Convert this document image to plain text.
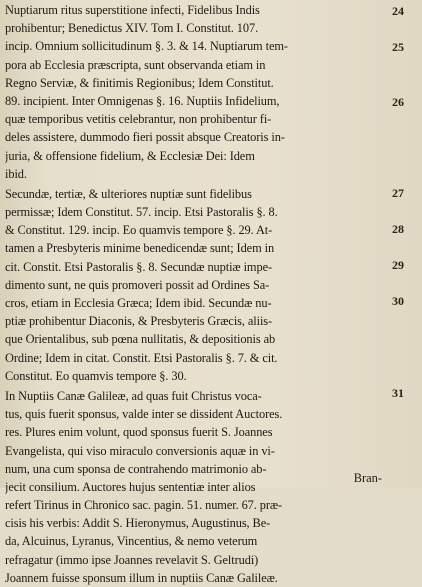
Nuptiarum ritus superstitione infecti, Fidelibus Indis
prohibentur; Benedictus XIV. Tom I. Constitut. 107.
incip. Omnium sollicitudinum §. 3. & 14. Nuptiarum tem-
pora ab Ecclesia præscripta, sunt observanda etiam in
Regno Serviæ, & finitimis Regionibus; Idem Constitut.
89. incipient. Inter Omnigenas §. 16. Nuptiis Infidelium,
quæ temporibus vetitis celebrantur, non prohibentur fi-
deles assistere, dummodo fieri possit absque Creatoris in-
juria, & offensione fidelium, & Ecclesiæ Dei: Idem
ibid.
Secundæ, tertiæ, & ulteriores nuptiæ sunt fidelibus
permissæ; Idem Constitut. 57. incip. Etsi Pastoralis §. 8.
& Constitut. 129. incip. Eo quamvis tempore §. 29. At-
tamen a Presbyteris minime benedicendæ sunt; Idem in
cit. Constit. Etsi Pastoralis §. 8. Secundæ nuptiæ impe-
dimento sunt, ne quis promoveri possit ad Ordines Sa-
cros, etiam in Ecclesia Græca; Idem ibid. Secundæ nu-
ptiæ prohibentur Diaconis, & Presbyteris Græcis, aliis-
que Orientalibus, sub pœna nullitatis, & depositionis ab
Ordine; Idem in citat. Constit. Etsi Pastoralis §. 7. & cit.
Constitut. Eo quamvis tempore §. 30.
In Nuptiis Canæ Galileæ, ad quas fuit Christus voca-
tus, quis fuerit sponsus, valde inter se dissident Auctores.
res. Plures enim volunt, quod sponsus fuerit S. Joannes
Evangelista, qui viso miraculo conversionis aquæ in vi-
num, una cum sponsa de contrahendo matrimonio ab-
jecit consilium. Auctores hujus sententiæ inter alios
refert Tirinus in Chronico sac. pagin. 51. numer. 67. præ-
cisis his verbis: Addit S. Hieronymus, Augustinus, Be-
da, Alcuinus, Lyranus, Vincentius, & nemo veterum
refragatur (immo ipse Joannes revelavit S. Geltrudi)
Joannem fuisse sponsum illum in nuptiis Canæ Galileæ.
24
25
26
27
28
29
30
31
Bran-
